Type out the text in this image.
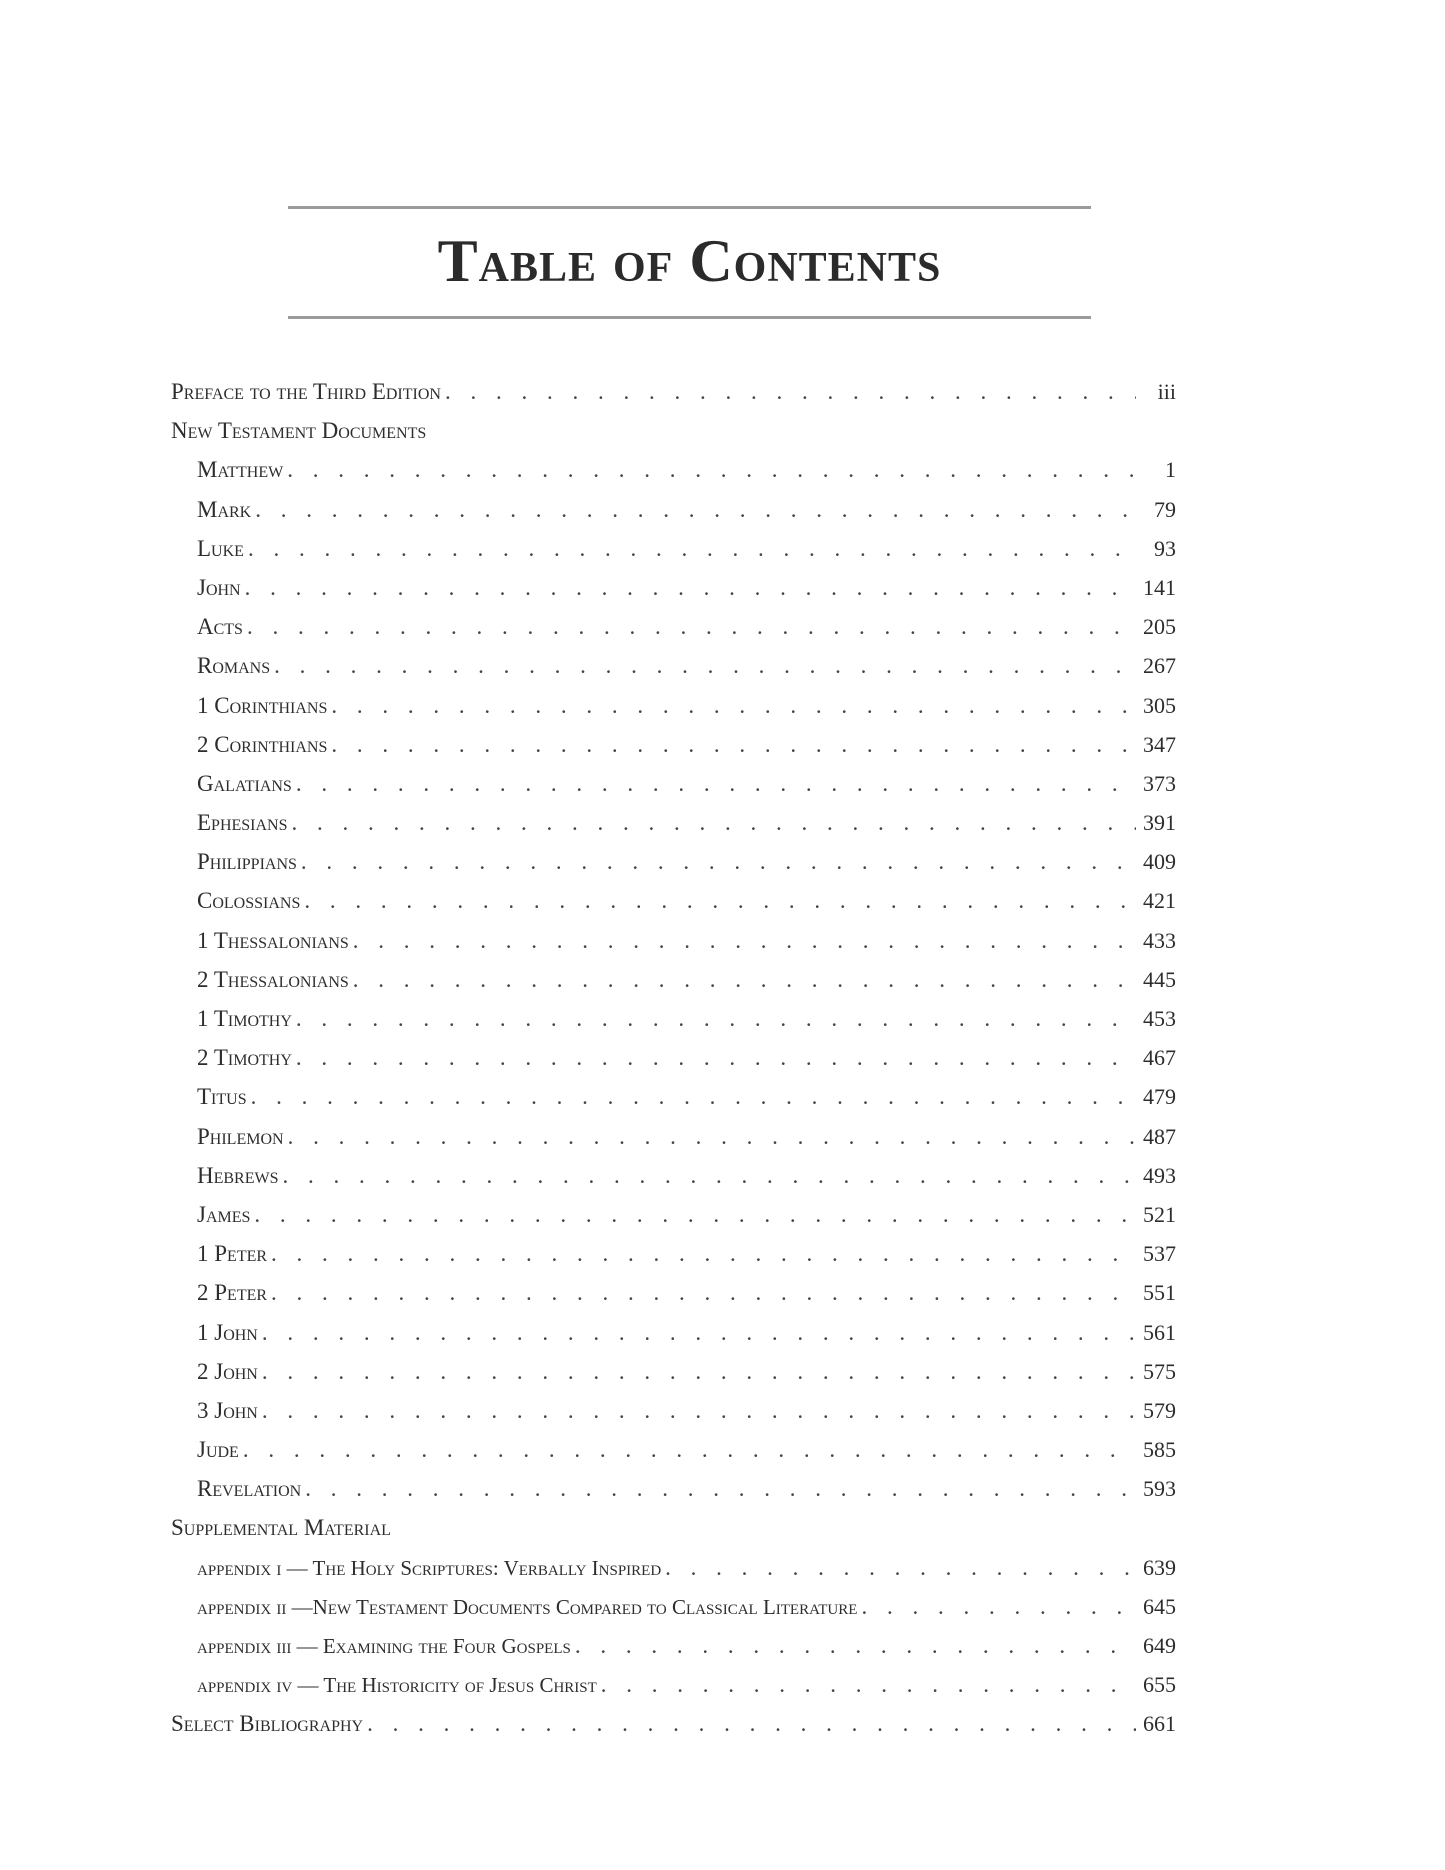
Table of Contents
Preface to the Third Edition . . .	iii
New Testament Documents
Matthew . . .	1
Mark . . .	79
Luke . . .	93
John . . .	141
Acts . . .	205
Romans . . .	267
1 Corinthians . . .	305
2 Corinthians . . .	347
Galatians . . .	373
Ephesians . . .	391
Philippians . . .	409
Colossians . . .	421
1 Thessalonians . . .	433
2 Thessalonians . . .	445
1 Timothy . . .	453
2 Timothy . . .	467
Titus . . .	479
Philemon . . .	487
Hebrews . . .	493
James . . .	521
1 Peter . . .	537
2 Peter . . .	551
1 John . . .	561
2 John . . .	575
3 John . . .	579
Jude . . .	585
Revelation . . .	593
Supplemental Material
appendix i — The Holy Scriptures: Verbally Inspired . . .	639
appendix ii —New Testament Documents Compared to Classical Literature . . .	645
appendix iii — Examining the Four Gospels . . .	649
appendix iv — The Historicity of Jesus Christ . . .	655
Select Bibliography . . .	661
